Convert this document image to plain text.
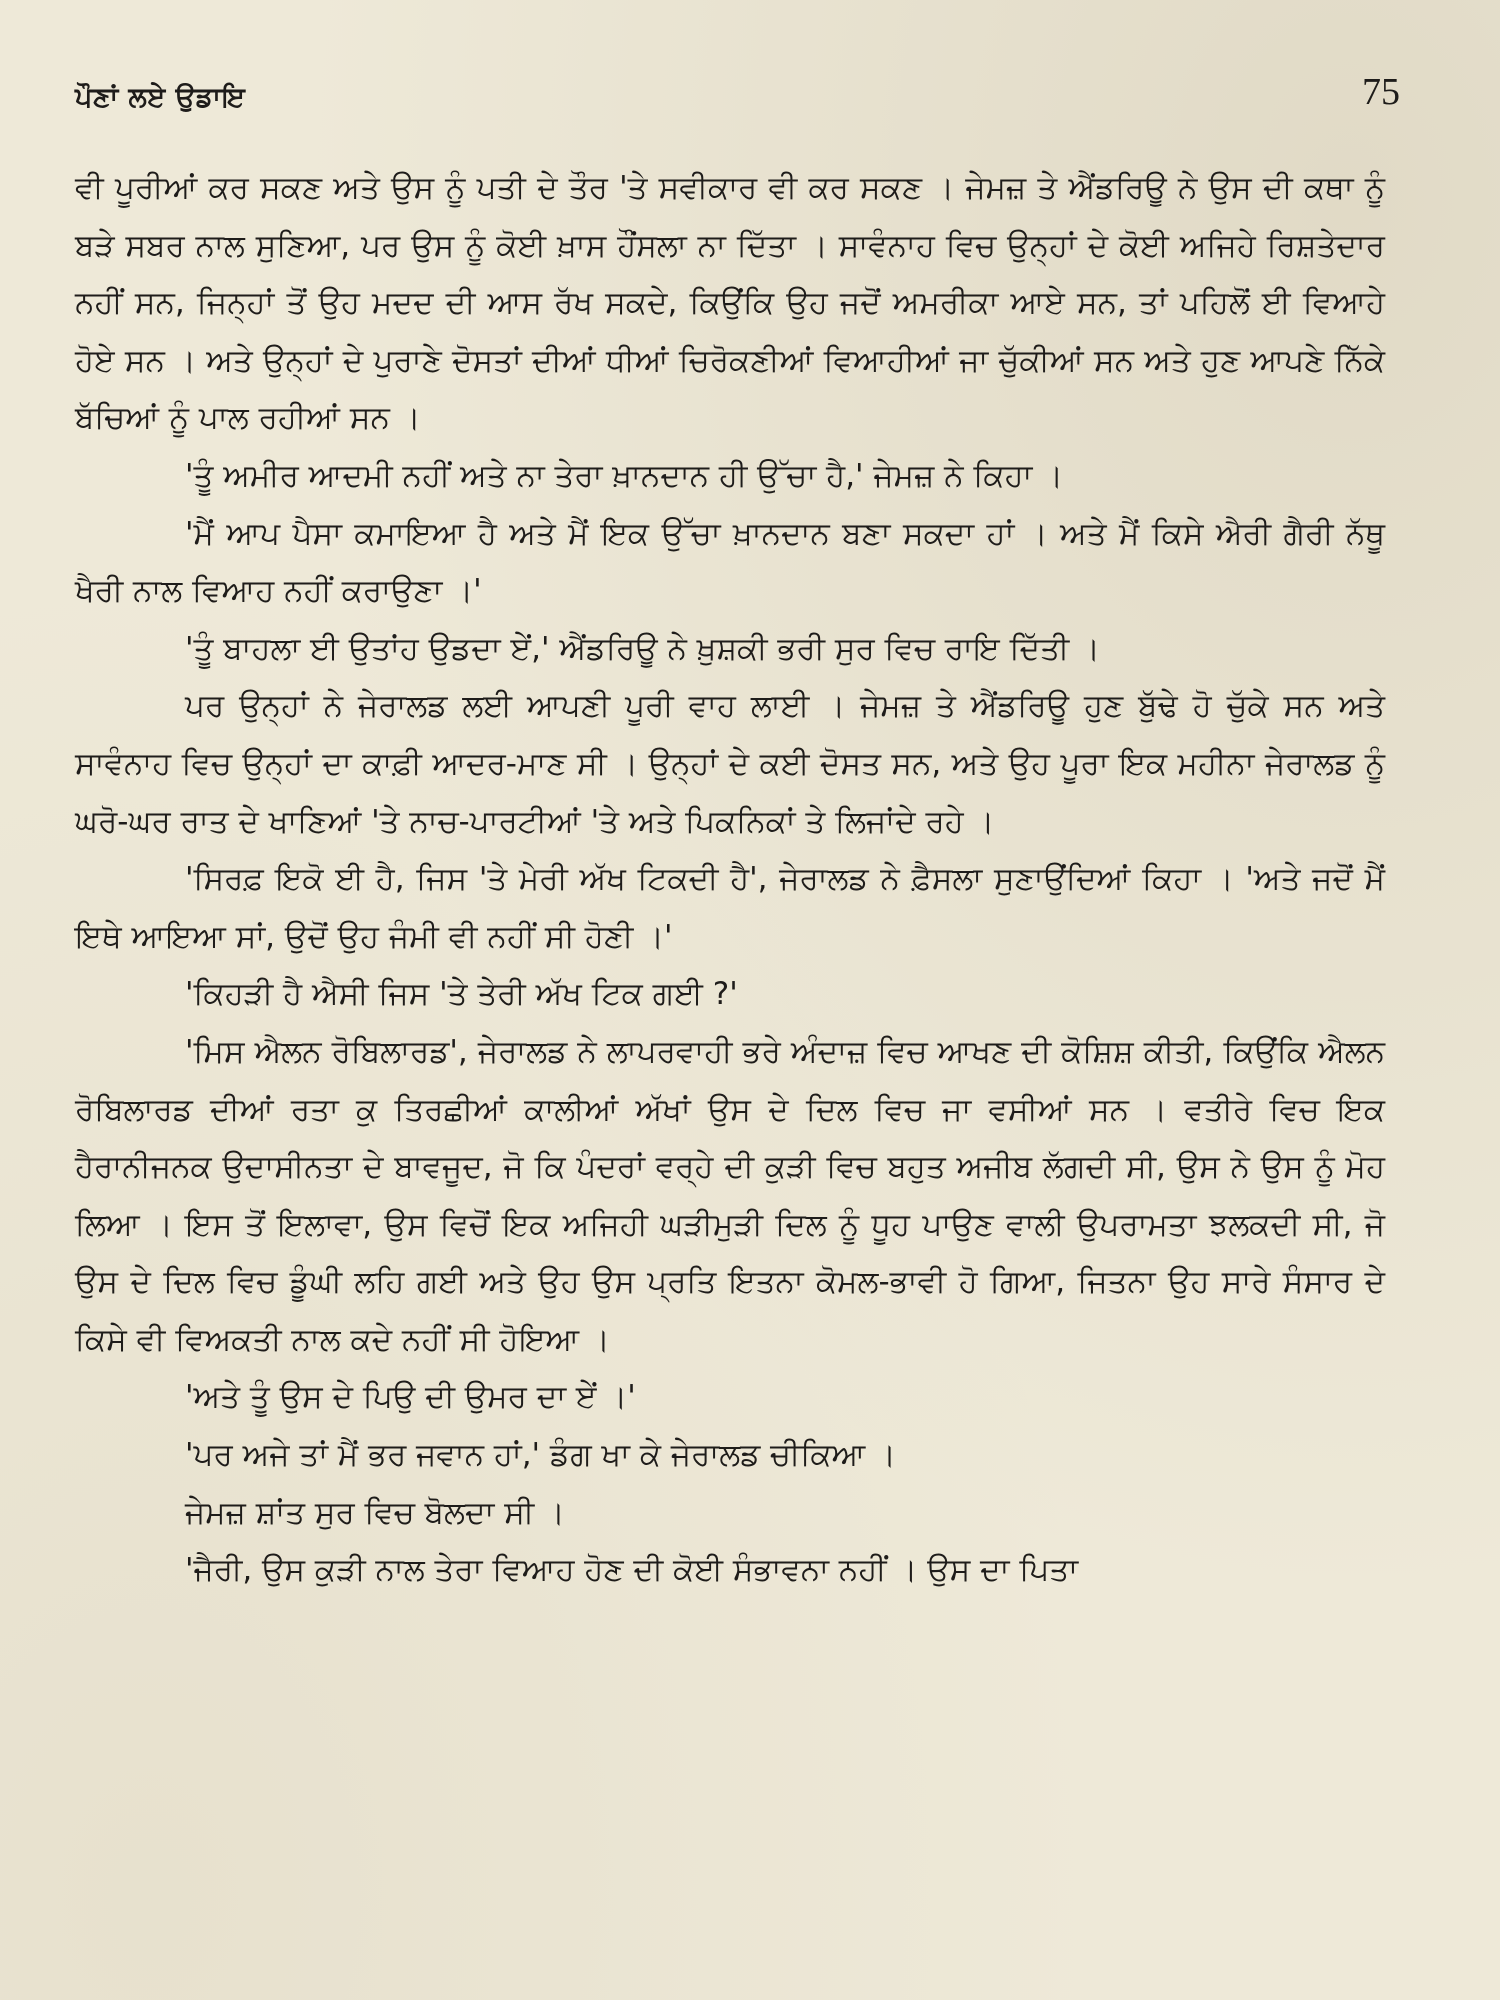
ਪੌਣਾਂ ਲਏ ਉਡਾਇ	75

ਵੀ ਪੂਰੀਆਂ ਕਰ ਸਕਣ ਅਤੇ ਉਸ ਨੂੰ ਪਤੀ ਦੇ ਤੌਰ 'ਤੇ ਸਵੀਕਾਰ ਵੀ ਕਰ ਸਕਣ । ਜੇਮਜ਼ ਤੇ ਐਂਡਰਿਊ ਨੇ ਉਸ ਦੀ ਕਥਾ ਨੂੰ ਬੜੇ ਸਬਰ ਨਾਲ ਸੁਣਿਆ, ਪਰ ਉਸ ਨੂੰ ਕੋਈ ਖ਼ਾਸ ਹੌਂਸਲਾ ਨਾ ਦਿੱਤਾ । ਸਾਵੰਨਾਹ ਵਿਚ ਉਨ੍ਹਾਂ ਦੇ ਕੋਈ ਅਜਿਹੇ ਰਿਸ਼ਤੇਦਾਰ ਨਹੀਂ ਸਨ, ਜਿਨ੍ਹਾਂ ਤੋਂ ਉਹ ਮਦਦ ਦੀ ਆਸ ਰੱਖ ਸਕਦੇ, ਕਿਉਂਕਿ ਉਹ ਜਦੋਂ ਅਮਰੀਕਾ ਆਏ ਸਨ, ਤਾਂ ਪਹਿਲੋਂ ਈ ਵਿਆਹੇ ਹੋਏ ਸਨ । ਅਤੇ ਉਨ੍ਹਾਂ ਦੇ ਪੁਰਾਣੇ ਦੋਸਤਾਂ ਦੀਆਂ ਧੀਆਂ ਚਿਰੋਕਣੀਆਂ ਵਿਆਹੀਆਂ ਜਾ ਚੁੱਕੀਆਂ ਸਨ ਅਤੇ ਹੁਣ ਆਪਣੇ ਨਿੱਕੇ ਬੱਚਿਆਂ ਨੂੰ ਪਾਲ ਰਹੀਆਂ ਸਨ ।

'ਤੂੰ ਅਮੀਰ ਆਦਮੀ ਨਹੀਂ ਅਤੇ ਨਾ ਤੇਰਾ ਖ਼ਾਨਦਾਨ ਹੀ ਉੱਚਾ ਹੈ,' ਜੇਮਜ਼ ਨੇ ਕਿਹਾ ।

'ਮੈਂ ਆਪ ਪੈਸਾ ਕਮਾਇਆ ਹੈ ਅਤੇ ਮੈਂ ਇਕ ਉੱਚਾ ਖ਼ਾਨਦਾਨ ਬਣਾ ਸਕਦਾ ਹਾਂ । ਅਤੇ ਮੈਂ ਕਿਸੇ ਐਰੀ ਗੈਰੀ ਨੱਥੂ ਖੈਰੀ ਨਾਲ ਵਿਆਹ ਨਹੀਂ ਕਰਾਉਣਾ ।'

'ਤੂੰ ਬਾਹਲਾ ਈ ਉਤਾਂਹ ਉਡਦਾ ਏਂ,' ਐਂਡਰਿਊ ਨੇ ਖ਼ੁਸ਼ਕੀ ਭਰੀ ਸੁਰ ਵਿਚ ਰਾਇ ਦਿੱਤੀ ।

ਪਰ ਉਨ੍ਹਾਂ ਨੇ ਜੇਰਾਲਡ ਲਈ ਆਪਣੀ ਪੂਰੀ ਵਾਹ ਲਾਈ । ਜੇਮਜ਼ ਤੇ ਐਂਡਰਿਊ ਹੁਣ ਬੁੱਢੇ ਹੋ ਚੁੱਕੇ ਸਨ ਅਤੇ ਸਾਵੰਨਾਹ ਵਿਚ ਉਨ੍ਹਾਂ ਦਾ ਕਾਫ਼ੀ ਆਦਰ-ਮਾਣ ਸੀ । ਉਨ੍ਹਾਂ ਦੇ ਕਈ ਦੋਸਤ ਸਨ, ਅਤੇ ਉਹ ਪੂਰਾ ਇਕ ਮਹੀਨਾ ਜੇਰਾਲਡ ਨੂੰ ਘਰੋ-ਘਰ ਰਾਤ ਦੇ ਖਾਣਿਆਂ 'ਤੇ ਨਾਚ-ਪਾਰਟੀਆਂ 'ਤੇ ਅਤੇ ਪਿਕਨਿਕਾਂ ਤੇ ਲਿਜਾਂਦੇ ਰਹੇ ।

'ਸਿਰਫ਼ ਇਕੋ ਈ ਹੈ, ਜਿਸ 'ਤੇ ਮੇਰੀ ਅੱਖ ਟਿਕਦੀ ਹੈ', ਜੇਰਾਲਡ ਨੇ ਫ਼ੈਸਲਾ ਸੁਣਾਉਂਦਿਆਂ ਕਿਹਾ । 'ਅਤੇ ਜਦੋਂ ਮੈਂ ਇਥੇ ਆਇਆ ਸਾਂ, ਉਦੋਂ ਉਹ ਜੰਮੀ ਵੀ ਨਹੀਂ ਸੀ ਹੋਣੀ ।'

'ਕਿਹੜੀ ਹੈ ਐਸੀ ਜਿਸ 'ਤੇ ਤੇਰੀ ਅੱਖ ਟਿਕ ਗਈ ?'

'ਮਿਸ ਐਲਨ ਰੋਬਿਲਾਰਡ', ਜੇਰਾਲਡ ਨੇ ਲਾਪਰਵਾਹੀ ਭਰੇ ਅੰਦਾਜ਼ ਵਿਚ ਆਖਣ ਦੀ ਕੋਸ਼ਿਸ਼ ਕੀਤੀ, ਕਿਉਂਕਿ ਐਲਨ ਰੋਬਿਲਾਰਡ ਦੀਆਂ ਰਤਾ ਕੁ ਤਿਰਛੀਆਂ ਕਾਲੀਆਂ ਅੱਖਾਂ ਉਸ ਦੇ ਦਿਲ ਵਿਚ ਜਾ ਵਸੀਆਂ ਸਨ । ਵਤੀਰੇ ਵਿਚ ਇਕ ਹੈਰਾਨੀਜਨਕ ਉਦਾਸੀਨਤਾ ਦੇ ਬਾਵਜੂਦ, ਜੋ ਕਿ ਪੰਦਰਾਂ ਵਰ੍ਹੇ ਦੀ ਕੁੜੀ ਵਿਚ ਬਹੁਤ ਅਜੀਬ ਲੱਗਦੀ ਸੀ, ਉਸ ਨੇ ਉਸ ਨੂੰ ਮੋਹ ਲਿਆ । ਇਸ ਤੋਂ ਇਲਾਵਾ, ਉਸ ਵਿਚੋਂ ਇਕ ਅਜਿਹੀ ਘੜੀਮੁੜੀ ਦਿਲ ਨੂੰ ਧੂਹ ਪਾਉਣ ਵਾਲੀ ਉਪਰਾਮਤਾ ਝਲਕਦੀ ਸੀ, ਜੋ ਉਸ ਦੇ ਦਿਲ ਵਿਚ ਡੂੰਘੀ ਲਹਿ ਗਈ ਅਤੇ ਉਹ ਉਸ ਪ੍ਰਤਿ ਇਤਨਾ ਕੋਮਲ-ਭਾਵੀ ਹੋ ਗਿਆ, ਜਿਤਨਾ ਉਹ ਸਾਰੇ ਸੰਸਾਰ ਦੇ ਕਿਸੇ ਵੀ ਵਿਅਕਤੀ ਨਾਲ ਕਦੇ ਨਹੀਂ ਸੀ ਹੋਇਆ ।

'ਅਤੇ ਤੂੰ ਉਸ ਦੇ ਪਿਉ ਦੀ ਉਮਰ ਦਾ ਏਂ ।'

'ਪਰ ਅਜੇ ਤਾਂ ਮੈਂ ਭਰ ਜਵਾਨ ਹਾਂ,' ਡੰਗ ਖਾ ਕੇ ਜੇਰਾਲਡ ਚੀਕਿਆ ।

ਜੇਮਜ਼ ਸ਼ਾਂਤ ਸੁਰ ਵਿਚ ਬੋਲਦਾ ਸੀ ।

'ਜੈਰੀ, ਉਸ ਕੁੜੀ ਨਾਲ ਤੇਰਾ ਵਿਆਹ ਹੋਣ ਦੀ ਕੋਈ ਸੰਭਾਵਨਾ ਨਹੀਂ । ਉਸ ਦਾ ਪਿਤਾ
